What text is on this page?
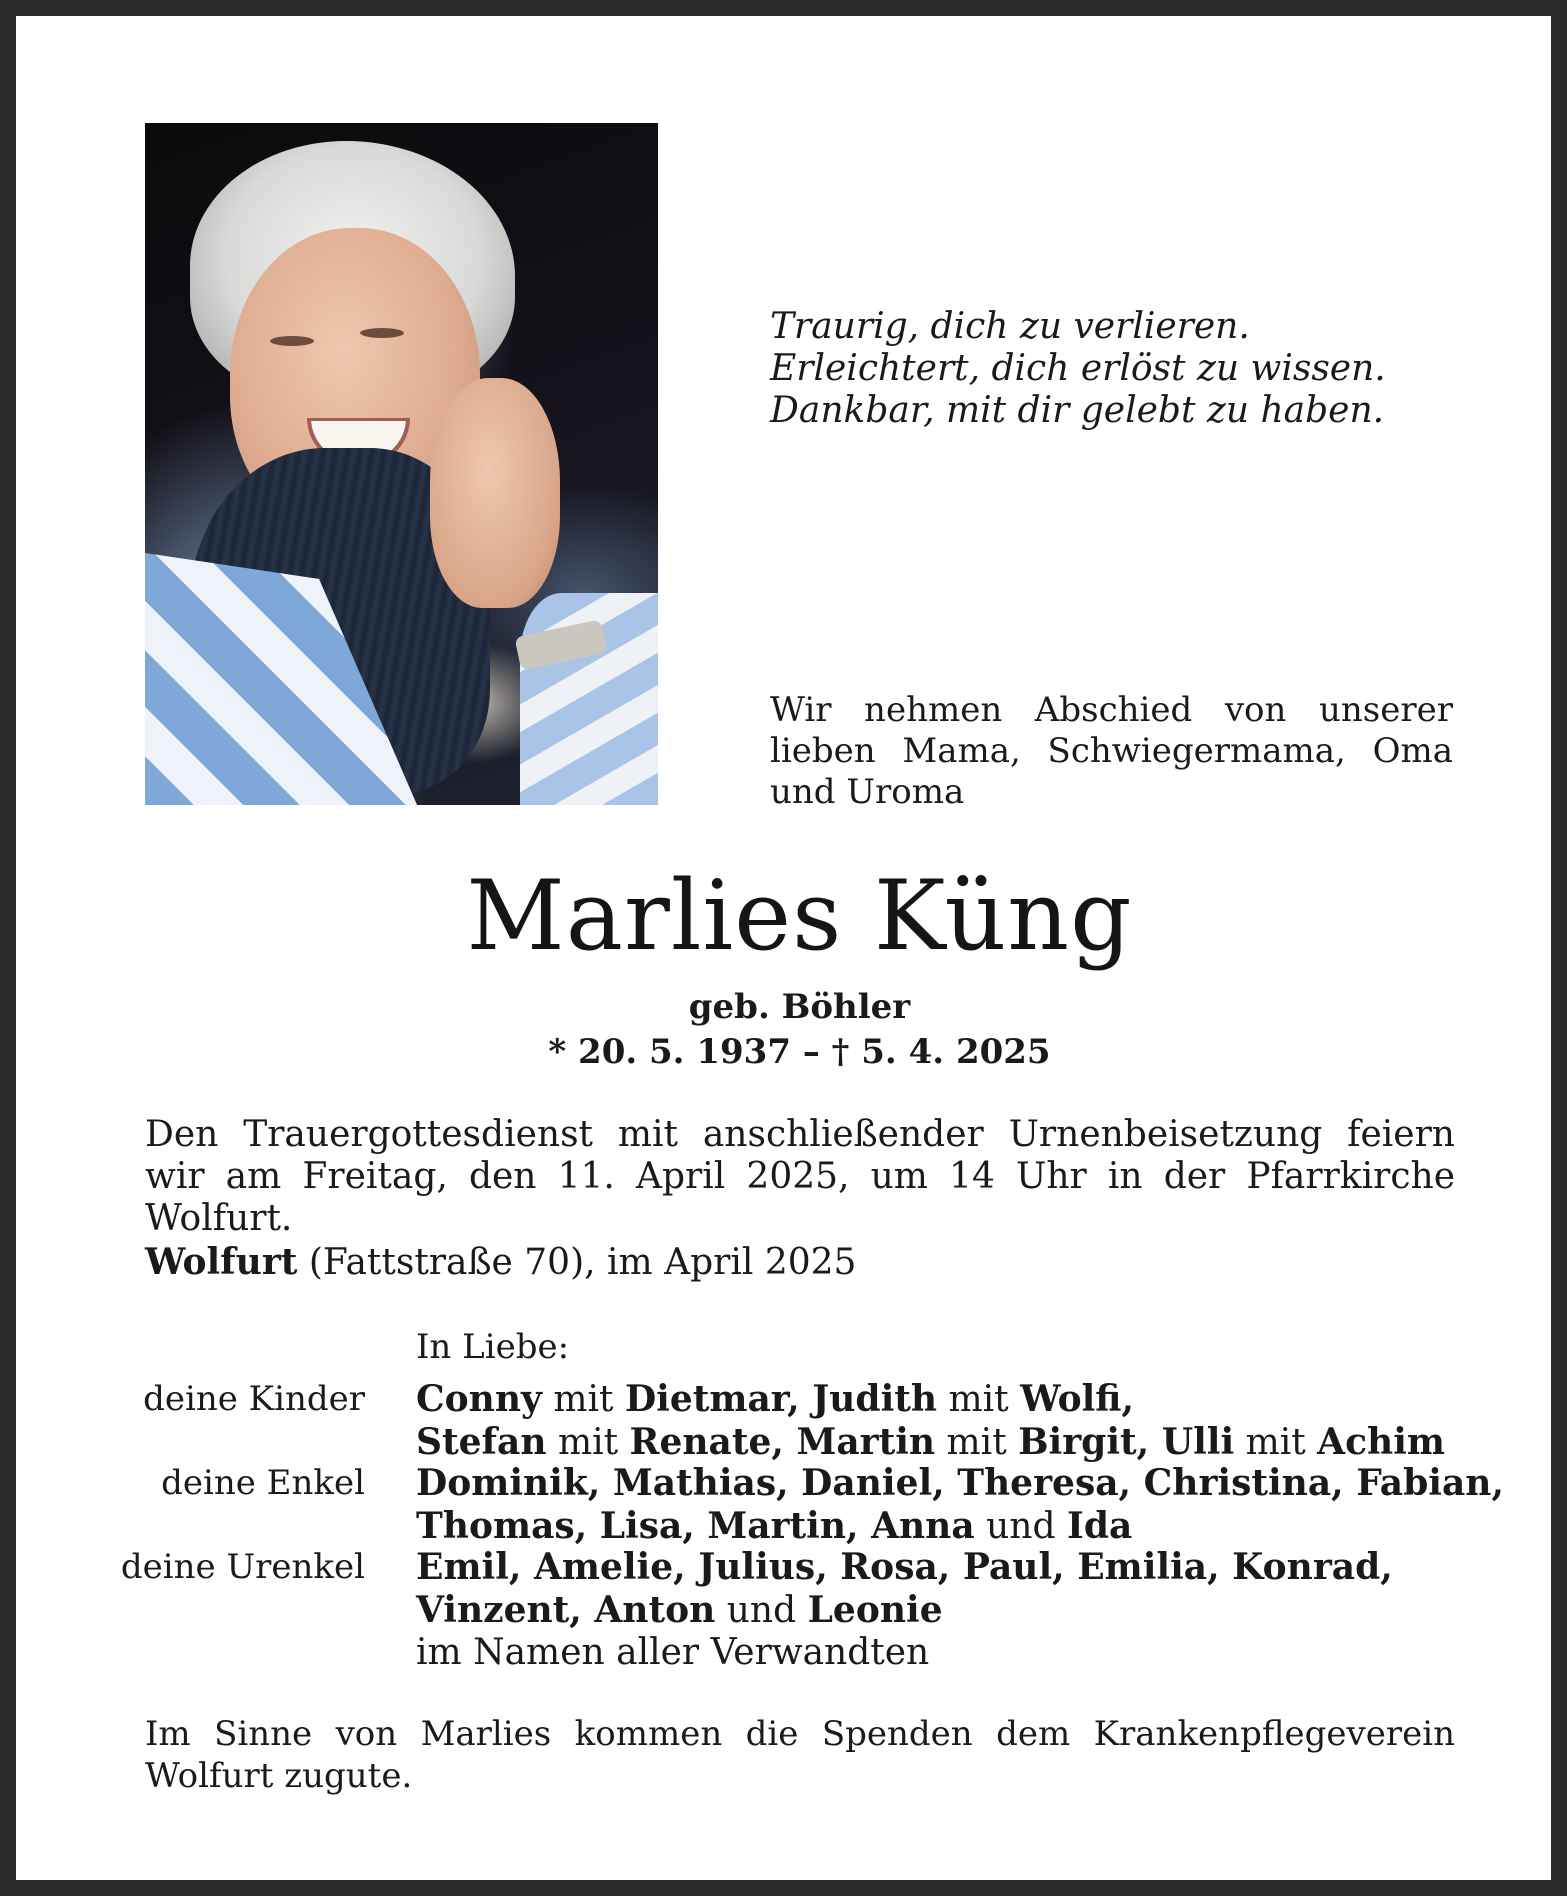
Traurig, dich zu verlieren.
Erleichtert, dich erlöst zu wissen.
Dankbar, mit dir gelebt zu haben.
Wir nehmen Abschied von unserer lieben Mama, Schwiegermama, Oma und Uroma
Marlies Küng
geb. Böhler
* 20. 5. 1937 – † 5. 4. 2025
Den Trauergottesdienst mit anschließender Urnenbeisetzung feiern wir am Freitag, den 11. April 2025, um 14 Uhr in der Pfarrkirche Wolfurt.
Wolfurt (Fattstraße 70), im April 2025
In Liebe:
deine Kinder Conny mit Dietmar, Judith mit Wolfi,
Stefan mit Renate, Martin mit Birgit, Ulli mit Achim
deine Enkel Dominik, Mathias, Daniel, Theresa, Christina, Fabian,
Thomas, Lisa, Martin, Anna und Ida
deine Urenkel Emil, Amelie, Julius, Rosa, Paul, Emilia, Konrad,
Vinzent, Anton und Leonie
im Namen aller Verwandten
Im Sinne von Marlies kommen die Spenden dem Krankenpflegeverein Wolfurt zugute.
